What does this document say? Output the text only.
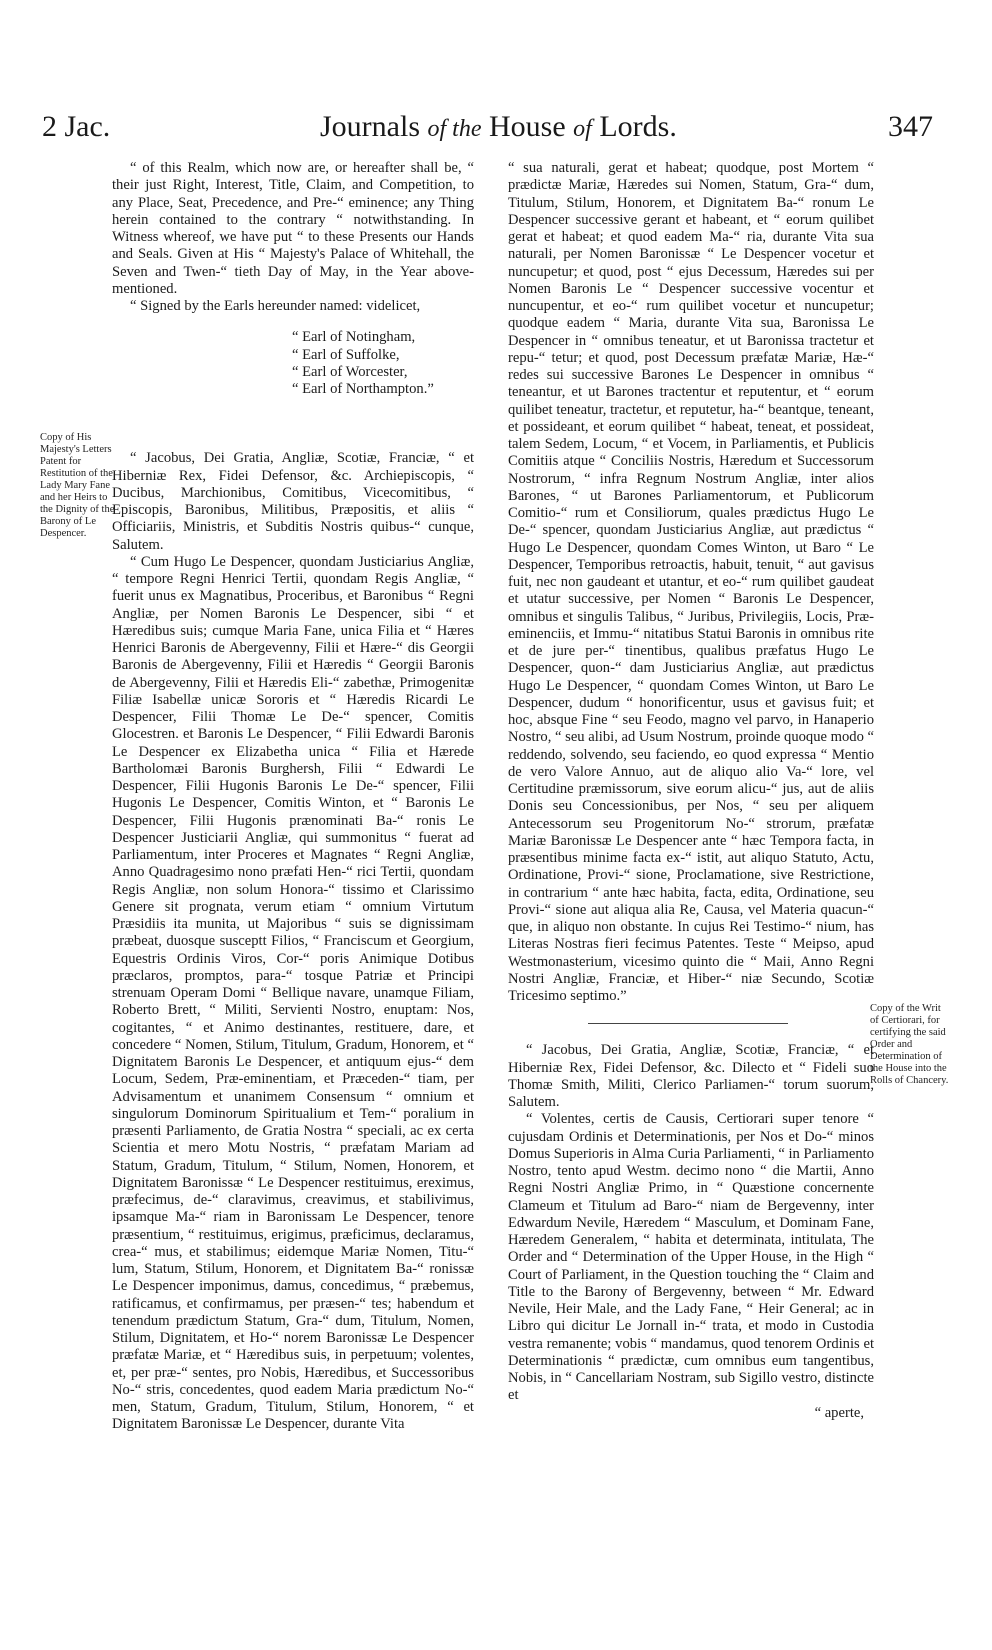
2 Jac.	Journals of the House of Lords.	347
Copy of His Majesty's Letters Patent for Restitution of the Lady Mary Fane and her Heirs to the Dignity of the Barony of Le Despencer.
Copy of the Writ of Certiorari, for certifying the said Order and Determination of the House into the Rolls of Chancery.

“ of this Realm, which now are, or hereafter shall be, “ their just Right, Interest, Title, Claim, and Competition, to any Place, Seat, Precedence, and Pre-“ eminence; any Thing herein contained to the contrary “ notwithstanding. In Witness whereof, we have put “ to these Presents our Hands and Seals. Given at His “ Majesty's Palace of Whitehall, the Seven and Twen-“ tieth Day of May, in the Year above-mentioned.

“ Signed by the Earls hereunder named: videlicet,

“ Earl of Notingham,
“ Earl of Suffolke,
“ Earl of Worcester,
“ Earl of Northampton.”

“ Jacobus, Dei Gratia, Angliæ, Scotiæ, Franciæ, “ et Hiberniæ Rex, Fidei Defensor, &c. Archiepiscopis, “ Ducibus, Marchionibus, Comitibus, Vicecomitibus, “ Episcopis, Baronibus, Militibus, Præpositis, et aliis “ Officiariis, Ministris, et Subditis Nostris quibus-“ cunque, Salutem.

“ Cum Hugo Le Despencer, quondam Justiciarius Angliæ, “ tempore Regni Henrici Tertii, quondam Regis Angliæ, “ fuerit unus ex Magnatibus, Proceribus, et Baronibus “ Regni Angliæ, per Nomen Baronis Le Despencer, sibi “ et Hæredibus suis; cumque Maria Fane, unica Filia et “ Hæres Henrici Baronis de Abergevenny, Filii et Hære-“ dis Georgii Baronis de Abergevenny, Filii et Hæredis “ Georgii Baronis de Abergevenny, Filii et Hæredis Eli-“ zabethæ, Primogenitæ Filiæ Isabellæ unicæ Sororis et “ Hæredis Ricardi Le Despencer, Filii Thomæ Le De-“ spencer, Comitis Glocestren. et Baronis Le Despencer, “ Filii Edwardi Baronis Le Despencer ex Elizabetha unica “ Filia et Hærede Bartholomæi Baronis Burghersh, Filii “ Edwardi Le Despencer, Filii Hugonis Baronis Le De-“ spencer, Filii Hugonis Le Despencer, Comitis Winton, et “ Baronis Le Despencer, Filii Hugonis prænominati Ba-“ ronis Le Despencer Justiciarii Angliæ, qui summonitus “ fuerat ad Parliamentum, inter Proceres et Magnates “ Regni Angliæ, Anno Quadragesimo nono præfati Hen-“ rici Tertii, quondam Regis Angliæ, non solum Honora-“ tissimo et Clarissimo Genere sit prognata, verum etiam “ omnium Virtutum Præsidiis ita munita, ut Majoribus “ suis se dignissimam præbeat, duosque susceptt Filios, “ Franciscum et Georgium, Equestris Ordinis Viros, Cor-“ poris Animique Dotibus præclaros, promptos, para-“ tosque Patriæ et Principi strenuam Operam Domi “ Bellique navare, unamque Filiam, Roberto Brett, “ Militi, Servienti Nostro, enuptam: Nos, cogitantes, “ et Animo destinantes, restituere, dare, et concedere “ Nomen, Stilum, Titulum, Gradum, Honorem, et “ Dignitatem Baronis Le Despencer, et antiquum ejus-“ dem Locum, Sedem, Præ-eminentiam, et Præceden-“ tiam, per Advisamentum et unanimem Consensum “ omnium et singulorum Dominorum Spiritualium et Tem-“ poralium in præsenti Parliamento, de Gratia Nostra “ speciali, ac ex certa Scientia et mero Motu Nostris, “ præfatam Mariam ad Statum, Gradum, Titulum, “ Stilum, Nomen, Honorem, et Dignitatem Baronissæ “ Le Despencer restituimus, ereximus, præfecimus, de-“ claravimus, creavimus, et stabilivimus, ipsamque Ma-“ riam in Baronissam Le Despencer, tenore præsentium, “ restituimus, erigimus, præficimus, declaramus, crea-“ mus, et stabilimus; eidemque Mariæ Nomen, Titu-“ lum, Statum, Stilum, Honorem, et Dignitatem Ba-“ ronissæ Le Despencer imponimus, damus, concedimus, “ præbemus, ratificamus, et confirmamus, per præsen-“ tes; habendum et tenendum prædictum Statum, Gra-“ dum, Titulum, Nomen, Stilum, Dignitatem, et Ho-“ norem Baronissæ Le Despencer præfatæ Mariæ, et “ Hæredibus suis, in perpetuum; volentes, et, per præ-“ sentes, pro Nobis, Hæredibus, et Successoribus No-“ stris, concedentes, quod eadem Maria prædictum No-“ men, Statum, Gradum, Titulum, Stilum, Honorem, “ et Dignitatem Baronissæ Le Despencer, durante Vita

“ sua naturali, gerat et habeat; quodque, post Mortem “ prædictæ Mariæ, Hæredes sui Nomen, Statum, Gra-“ dum, Titulum, Stilum, Honorem, et Dignitatem Ba-“ ronum Le Despencer successive gerant et habeant, et “ eorum quilibet gerat et habeat; et quod eadem Ma-“ ria, durante Vita sua naturali, per Nomen Baronissæ “ Le Despencer vocetur et nuncupetur; et quod, post “ ejus Decessum, Hæredes sui per Nomen Baronis Le “ Despencer successive vocentur et nuncupentur, et eo-“ rum quilibet vocetur et nuncupetur; quodque eadem “ Maria, durante Vita sua, Baronissa Le Despencer in “ omnibus teneatur, et ut Baronissa tractetur et repu-“ tetur; et quod, post Decessum præfatæ Mariæ, Hæ-“ redes sui successive Barones Le Despencer in omnibus “ teneantur, et ut Barones tractentur et reputentur, et “ eorum quilibet teneatur, tractetur, et reputetur, ha-“ beantque, teneant, et possideant, et eorum quilibet “ habeat, teneat, et possideat, talem Sedem, Locum, “ et Vocem, in Parliamentis, et Publicis Comitiis atque “ Conciliis Nostris, Hæredum et Successorum Nostrorum, “ infra Regnum Nostrum Angliæ, inter alios Barones, “ ut Barones Parliamentorum, et Publicorum Comitio-“ rum et Consiliorum, quales prædictus Hugo Le De-“ spencer, quondam Justiciarius Angliæ, aut prædictus “ Hugo Le Despencer, quondam Comes Winton, ut Baro “ Le Despencer, Temporibus retroactis, habuit, tenuit, “ aut gavisus fuit, nec non gaudeant et utantur, et eo-“ rum quilibet gaudeat et utatur successive, per Nomen “ Baronis Le Despencer, omnibus et singulis Talibus, “ Juribus, Privilegiis, Locis, Præ-eminenciis, et Immu-“ nitatibus Statui Baronis in omnibus rite et de jure per-“ tinentibus, qualibus præfatus Hugo Le Despencer, quon-“ dam Justiciarius Angliæ, aut prædictus Hugo Le Despencer, “ quondam Comes Winton, ut Baro Le Despencer, dudum “ honorificentur, usus et gavisus fuit; et hoc, absque Fine “ seu Feodo, magno vel parvo, in Hanaperio Nostro, “ seu alibi, ad Usum Nostrum, proinde quoque modo “ reddendo, solvendo, seu faciendo, eo quod expressa “ Mentio de vero Valore Annuo, aut de aliquo alio Va-“ lore, vel Certitudine præmissorum, sive eorum alicu-“ jus, aut de aliis Donis seu Concessionibus, per Nos, “ seu per aliquem Antecessorum seu Progenitorum No-“ strorum, præfatæ Mariæ Baronissæ Le Despencer ante “ hæc Tempora facta, in præsentibus minime facta ex-“ istit, aut aliquo Statuto, Actu, Ordinatione, Provi-“ sione, Proclamatione, sive Restrictione, in contrarium “ ante hæc habita, facta, edita, Ordinatione, seu Provi-“ sione aut aliqua alia Re, Causa, vel Materia quacun-“ que, in aliquo non obstante. In cujus Rei Testimo-“ nium, has Literas Nostras fieri fecimus Patentes. Teste “ Meipso, apud Westmonasterium, vicesimo quinto die “ Maii, Anno Regni Nostri Angliæ, Franciæ, et Hiber-“ niæ Secundo, Scotiæ Tricesimo septimo.”

“ Jacobus, Dei Gratia, Angliæ, Scotiæ, Franciæ, “ et Hiberniæ Rex, Fidei Defensor, &c. Dilecto et “ Fideli suo Thomæ Smith, Militi, Clerico Parliamen-“ torum suorum, Salutem.

“ Volentes, certis de Causis, Certiorari super tenore “ cujusdam Ordinis et Determinationis, per Nos et Do-“ minos Domus Superioris in Alma Curia Parliamenti, “ in Parliamento Nostro, tento apud Westm. decimo nono “ die Martii, Anno Regni Nostri Angliæ Primo, in “ Quæstione concernente Clameum et Titulum ad Baro-“ niam de Bergevenny, inter Edwardum Nevile, Hæredem “ Masculum, et Dominam Fane, Hæredem Generalem, “ habita et determinata, intitulata, The Order and “ Determination of the Upper House, in the High “ Court of Parliament, in the Question touching the “ Claim and Title to the Barony of Bergevenny, between “ Mr. Edward Nevile, Heir Male, and the Lady Fane, “ Heir General; ac in Libro qui dicitur Le Jornall in-“ trata, et modo in Custodia vestra remanente; vobis “ mandamus, quod tenorem Ordinis et Determinationis “ prædictæ, cum omnibus eum tangentibus, Nobis, in “ Cancellariam Nostram, sub Sigillo vestro, distincte et

“ aperte,
